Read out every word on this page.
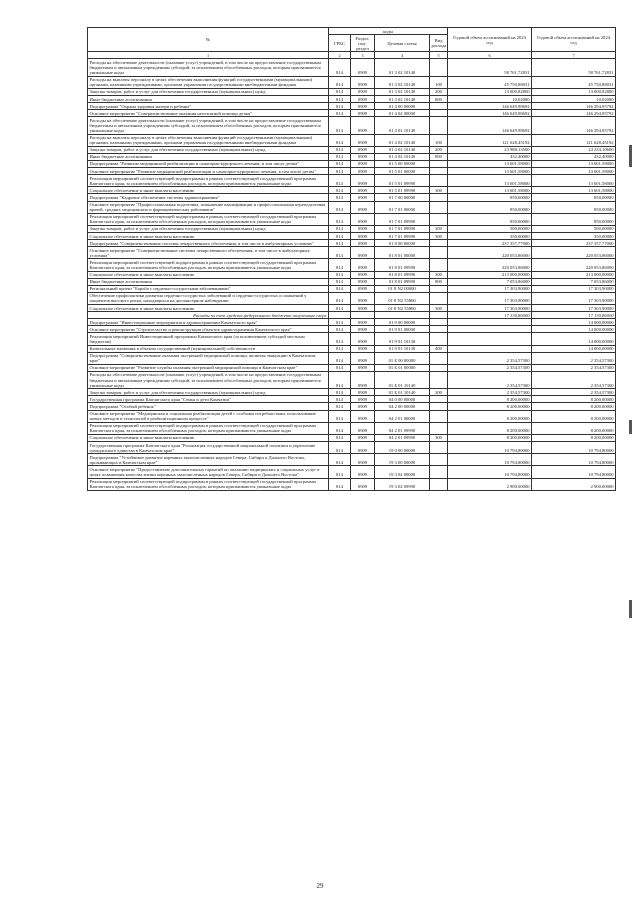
№	коды				Годовой объем ассигнований на 2023 год	Годовой объем ассигнований на 2024 год
	ГРБС	Раздел, под-раздел	Целевая статья	Вид расхода		
1	2	3	4	5	6	7
Расходы на обеспечение деятельности (оказание услуг) учреждений, в том числе на предоставление государственным бюджетным и автономным учреждениям субсидий, за исключением обособленных расходов, которым присваиваются уникальные коды	814	0909	01 3 02 10140		58 761,72831	58 761,72831
Расходы на выплаты персоналу в целях обеспечения выполнения функций государственными (муниципальными) органами, казенными учреждениями, органами управления государственными внебюджетными фондами	814	0909	01 3 02 10140	100	45 750,88031	45 750,88031
Закупка товаров, работ и услуг для обеспечения государственных (муниципальных) нужд	814	0909	01 3 02 10140	200	13 000,82800	13 000,82800
Иные бюджетные ассигнования	814	0909	01 3 02 10140	800	10,02000	10,02000
Подпрограмма "Охрана здоровья матери и ребенка"	814	0909	01 4 00 00000		146 649,98692	146 294,95792
Основное мероприятие "Совершенствование оказания неотложной помощи детям"	814	0909	01 4 02 00000		146 649,98692	146 294,95792
Расходы на обеспечение деятельности (оказание услуг) учреждений, в том числе на предоставление государственным бюджетным и автономным учреждениям субсидий, за исключением обособленных расходов, которым присваиваются уникальные коды	814	0909	01 4 02 10140		146 649,98692	146 294,95792
Расходы на выплаты персоналу в целях обеспечения выполнения функций государственными (муниципальными) органами, казенными учреждениями, органами управления государственными внебюджетными фондами	814	0909	01 4 02 10140	100	121 628,45192	121 628,45192
Закупка товаров, работ и услуг для обеспечения государственных (муниципальных) нужд	814	0909	01 4 02 10140	200	23 988,13500	24 234,10600
Иные бюджетные ассигнования	814	0909	01 4 02 10140	800	432,40000	432,40000
Подпрограмма "Развитие медицинской реабилитации и санаторно-курортного лечения, в том числе детям"	814	0909	01 5 00 00000		13 601,58000	13 601,58000
Основное мероприятие "Развитие медицинской реабилитации и санаторно-курортного лечения, в том числе детям"	814	0909	01 5 01 00000		13 601,58000	13 601,58000
Реализация мероприятий соответствующей подпрограммы в рамках соответствующей государственной программы Камчатского края, за исключением обособленных расходов, которым присваиваются уникальные коды	814	0909	01 5 01 09990		13 601,58000	13 601,58000
Социальное обеспечение и иные выплаты населению	814	0909	01 5 01 09990	300	13 601,58000	13 601,58000
Подпрограмма "Кадровое обеспечение системы здравоохранения"	814	0909	01 7 00 00000		850,00000	850,00000
Основное мероприятие "Профессиональная подготовка, повышение квалификации и профессиональная переподготовка врачей, средних медицинских и фармацевтических работников"	814	0909	01 7 01 00000		850,00000	850,00000
Реализация мероприятий соответствующей подпрограммы в рамках соответствующей государственной программы Камчатского края, за исключением обособленных расходов, которым присваиваются уникальные коды	814	0909	01 7 01 09990		850,00000	850,00000
Закупка товаров, работ и услуг для обеспечения государственных (муниципальных) нужд	814	0909	01 7 01 09990	200	500,00000	500,00000
Социальное обеспечение и иные выплаты населению	814	0909	01 7 01 09990	300	350,00000	350,00000
Подпрограмма "Совершенствование системы лекарственного обеспечения, в том числе в амбулаторных условиях"	814	0909	01 8 00 00000		237 357,77000	237 357,77000
Основное мероприятие "Совершенствование системы лекарственного обеспечения, в том числе в амбулаторных условиях"	814	0909	01 8 01 00000		220 053,86000	220 053,86000
Реализация мероприятий соответствующей подпрограммы в рамках соответствующей государственной программы Камчатского края, за исключением обособленных расходов, которым присваиваются уникальные коды	814	0909	01 8 01 09990		220 053,86000	220 053,86000
Социальное обеспечение и иные выплаты населению	814	0909	01 8 01 09990	300	213 000,00000	213 000,00000
Иные бюджетные ассигнования	814	0909	01 8 01 09990	800	7 053,86000	7 053,86000
Региональный проект "Борьба с сердечно-сосудистыми заболеваниями"	814	0909	01 8 N2 00000		17 303,90000	17 303,90000
Обеспечение профилактики развития сердечно-сосудистых заболеваний и сердечно-сосудистых осложнений у пациентов высокого риска, находящихся на диспансерном наблюдении	814	0909	01 8 N2 55860		17 303,90000	17 303,90000
Социальное обеспечение и иные выплаты населению	814	0909	01 8 N2 55860	300	17 303,90000	17 303,90000
Расходы за счет средств федерального бюджета полученные сверх					17 130,86000	17 130,86000
Подпрограмма "Инвестиционные мероприятия в здравоохранении Камчатского края"	814	0909	01 9 00 00000			14 000,00000
Основное мероприятие "Строительство и реконструкция объектов здравоохранения Камчатского края"	814	0909	01 9 01 00000			14 000,00000
Реализация мероприятий Инвестиционной программы Камчатского края (за исключением субсидий местным бюджетам)	814	0909	01 9 01 10130			14 000,00000
Капитальные вложения в объекты государственной (муниципальной) собственности	814	0909	01 9 01 10130	400		14 000,00000
Подпрограмма "Совершенствование оказания экстренной медицинской помощи, включая эвакуацию в Камчатском крае"	814	0909	01 Б 00 00000		2 354,57300	2 354,57300
Основное мероприятие "Развитие службы оказания экстренной медицинской помощи в Камчатском крае"	814	0909	01 Б 01 00000		2 354,57300	2 354,57300
Расходы на обеспечение деятельности (оказание услуг) учреждений, в том числе на предоставление государственным бюджетным и автономным учреждениям субсидий, за исключением обособленных расходов, которым присваиваются уникальные коды	814	0909	01 Б 01 10140		2 354,57300	2 354,57300
Закупка товаров, работ и услуг для обеспечения государственных (муниципальных) нужд	814	0909	01 Б 01 10140	200	2 354,57300	2 354,57300
Государственная программа Камчатского края "Семья и дети Камчатки"	814	0909	04 0 00 00000		8 200,00000	8 200,00000
Подпрограмма "Особый ребенок"	814	0909	04 2 00 00000		8 200,00000	8 200,00000
Основное мероприятие "Медицинская и социальная реабилитация детей с особыми потребностями, использование новых методов и технологий в реабилитационном процессе"	814	0909	04 2 01 00000		8 200,00000	8 200,00000
Реализация мероприятий соответствующей подпрограммы в рамках соответствующей государственной программы Камчатского края, за исключением обособленных расходов, которым присваиваются уникальные коды	814	0909	04 2 01 09990		8 200,00000	8 200,00000
Социальное обеспечение и иные выплаты населению	814	0909	04 2 01 09990	300	8 200,00000	8 200,00000
Государственная программа Камчатского края "Реализация государственной национальной политики и укрепление гражданского единства в Камчатском крае"	814	0909	19 0 00 00000		10 794,80000	10 794,80000
Подпрограмма "Устойчивое развитие коренных малочисленных народов Севера, Сибири и Дальнего Востока, проживающих в Камчатском крае"	814	0909	19 3 00 00000		10 794,80000	10 794,80000
Основное мероприятие "Предоставление дополнительных гарантий по оказанию медицинских и социальных услуг в целях повышения качества жизни коренных малочисленных народов Севера, Сибири и Дальнего Востока"	814	0909	19 3 02 00000		10 794,80000	10 794,80000
Реализация мероприятий соответствующей подпрограммы в рамках соответствующей государственной программы Камчатского края, за исключением обособленных расходов, которым присваиваются уникальные коды	814	0909	19 3 02 09990		2 900,00000	2 900,00000
29
